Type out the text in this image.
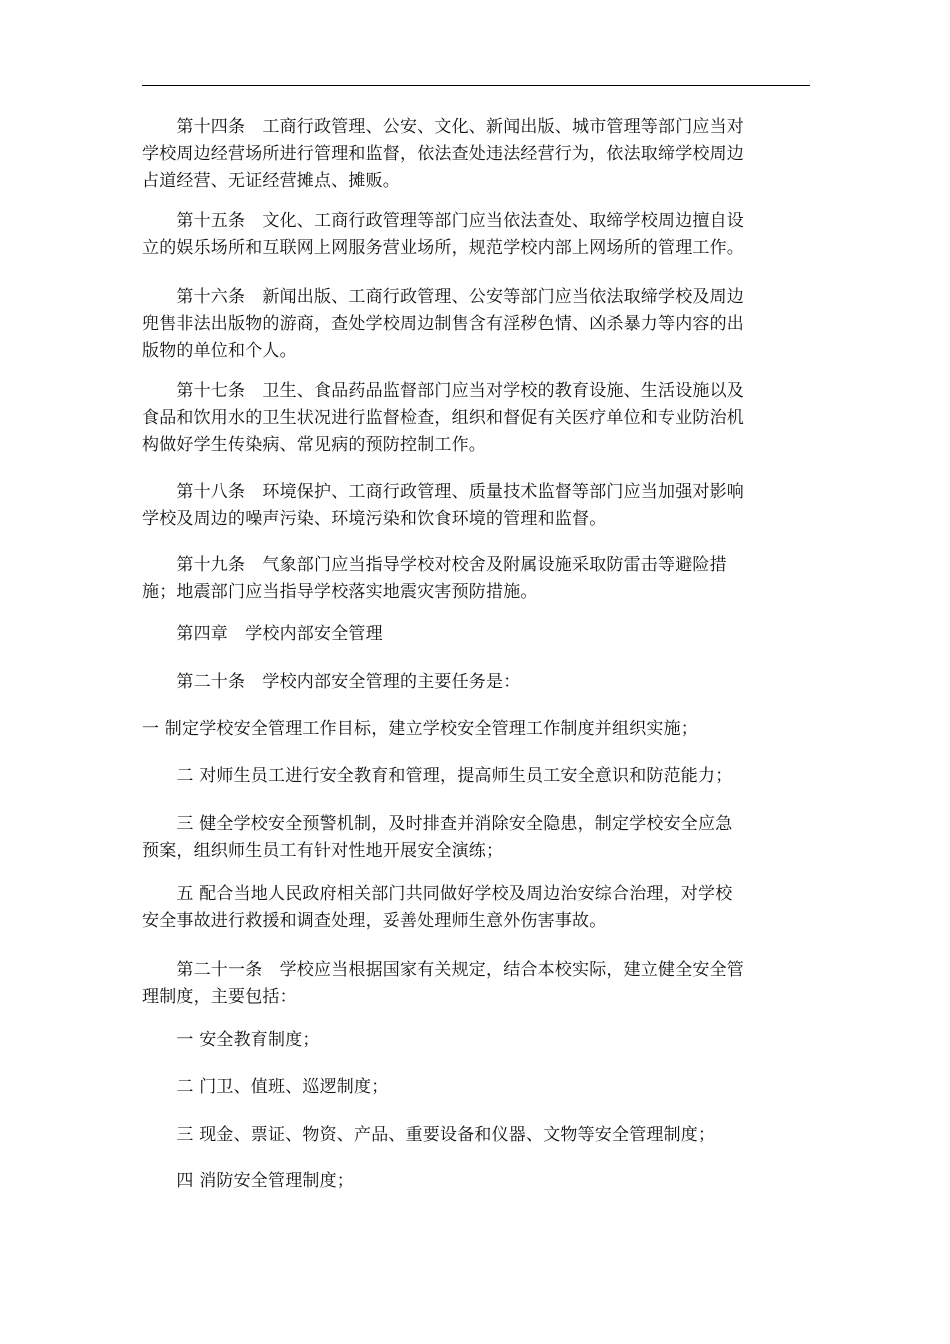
　　第十四条　工商行政管理、公安、文化、新闻出版、城市管理等部门应当对
学校周边经营场所进行管理和监督，依法查处违法经营行为，依法取缔学校周边
占道经营、无证经营摊点、摊贩。
　　第十五条　文化、工商行政管理等部门应当依法查处、取缔学校周边擅自设
立的娱乐场所和互联网上网服务营业场所，规范学校内部上网场所的管理工作。
　　第十六条　新闻出版、工商行政管理、公安等部门应当依法取缔学校及周边
兜售非法出版物的游商，查处学校周边制售含有淫秽色情、凶杀暴力等内容的出
版物的单位和个人。
　　第十七条　卫生、食品药品监督部门应当对学校的教育设施、生活设施以及
食品和饮用水的卫生状况进行监督检查，组织和督促有关医疗单位和专业防治机
构做好学生传染病、常见病的预防控制工作。
　　第十八条　环境保护、工商行政管理、质量技术监督等部门应当加强对影响
学校及周边的噪声污染、环境污染和饮食环境的管理和监督。
　　第十九条　气象部门应当指导学校对校舍及附属设施采取防雷击等避险措
施；地震部门应当指导学校落实地震灾害预防措施。
　　第四章　学校内部安全管理
　　第二十条　学校内部安全管理的主要任务是：
一 制定学校安全管理工作目标，建立学校安全管理工作制度并组织实施；
　　二 对师生员工进行安全教育和管理，提高师生员工安全意识和防范能力；
　　三 健全学校安全预警机制，及时排查并消除安全隐患，制定学校安全应急
预案，组织师生员工有针对性地开展安全演练；
　　五 配合当地人民政府相关部门共同做好学校及周边治安综合治理，对学校
安全事故进行救援和调查处理，妥善处理师生意外伤害事故。
　　第二十一条　学校应当根据国家有关规定，结合本校实际，建立健全安全管
理制度，主要包括：
　　一 安全教育制度；
　　二 门卫、值班、巡逻制度；
　　三 现金、票证、物资、产品、重要设备和仪器、文物等安全管理制度；
　　四 消防安全管理制度；
